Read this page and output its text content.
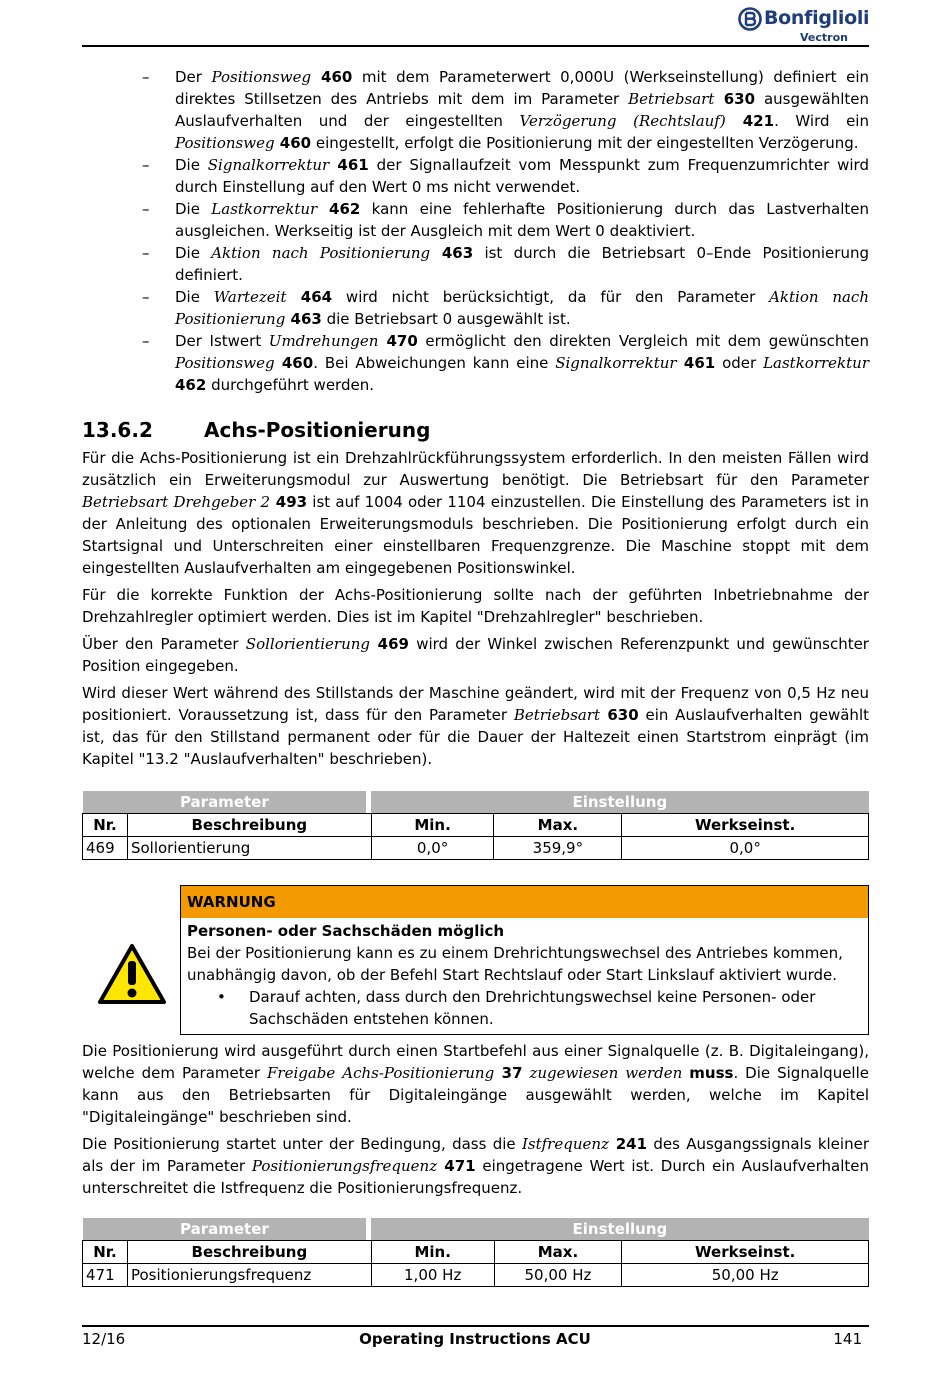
Bonfiglioli
Vectron
– Der Positionsweg 460 mit dem Parameterwert 0,000U (Werkseinstellung) definiert ein direktes Stillsetzen des Antriebs mit dem im Parameter Betriebsart 630 ausgewählten Auslaufverhalten und der eingestellten Verzögerung (Rechtslauf) 421. Wird ein Positionsweg 460 eingestellt, erfolgt die Positionierung mit der eingestellten Verzögerung.
– Die Signalkorrektur 461 der Signallaufzeit vom Messpunkt zum Frequenzumrichter wird durch Einstellung auf den Wert 0 ms nicht verwendet.
– Die Lastkorrektur 462 kann eine fehlerhafte Positionierung durch das Lastverhalten ausgleichen. Werkseitig ist der Ausgleich mit dem Wert 0 deaktiviert.
– Die Aktion nach Positionierung 463 ist durch die Betriebsart 0–Ende Positionierung definiert.
– Die Wartezeit 464 wird nicht berücksichtigt, da für den Parameter Aktion nach Positionierung 463 die Betriebsart 0 ausgewählt ist.
– Der Istwert Umdrehungen 470 ermöglicht den direkten Vergleich mit dem gewünschten Positionsweg 460. Bei Abweichungen kann eine Signalkorrektur 461 oder Lastkorrektur 462 durchgeführt werden.
13.6.2	Achs-Positionierung

Für die Achs-Positionierung ist ein Drehzahlrückführungssystem erforderlich. In den meisten Fällen wird zusätzlich ein Erweiterungsmodul zur Auswertung benötigt. Die Betriebsart für den Parameter Betriebsart Drehgeber 2 493 ist auf 1004 oder 1104 einzustellen. Die Einstellung des Parameters ist in der Anleitung des optionalen Erweiterungsmoduls beschrieben. Die Positionierung erfolgt durch ein Startsignal und Unterschreiten einer einstellbaren Frequenzgrenze. Die Maschine stoppt mit dem eingestellten Auslaufverhalten am eingegebenen Positionswinkel.

Für die korrekte Funktion der Achs-Positionierung sollte nach der geführten Inbetriebnahme der Drehzahlregler optimiert werden. Dies ist im Kapitel "Drehzahlregler" beschrieben.

Über den Parameter Sollorientierung 469 wird der Winkel zwischen Referenzpunkt und gewünschter Position eingegeben.

Wird dieser Wert während des Stillstands der Maschine geändert, wird mit der Frequenz von 0,5 Hz neu positioniert. Voraussetzung ist, dass für den Parameter Betriebsart 630 ein Auslaufverhalten gewählt ist, das für den Stillstand permanent oder für die Dauer der Haltezeit einen Startstrom einprägt (im Kapitel "13.2 "Auslaufverhalten" beschrieben).

Parameter			Einstellung		
Nr.	Beschreibung		Min.	Max.	Werkseinst.
469	Sollorientierung		0,0°	359,9°	0,0°
WARNUNG
Personen- oder Sachschäden möglich
Bei der Positionierung kann es zu einem Drehrichtungswechsel des Antriebes kommen, unabhängig davon, ob der Befehl Start Rechtslauf oder Start Linkslauf aktiviert wurde.
• Darauf achten, dass durch den Drehrichtungswechsel keine Personen- oder Sachschäden entstehen können.

Die Positionierung wird ausgeführt durch einen Startbefehl aus einer Signalquelle (z. B. Digitaleingang), welche dem Parameter Freigabe Achs-Positionierung 37 zugewiesen werden muss. Die Signalquelle kann aus den Betriebsarten für Digitaleingänge ausgewählt werden, welche im Kapitel "Digitaleingänge" beschrieben sind.

Die Positionierung startet unter der Bedingung, dass die Istfrequenz 241 des Ausgangssignals kleiner als der im Parameter Positionierungsfrequenz 471 eingetragene Wert ist. Durch ein Auslaufverhalten unterschreitet die Istfrequenz die Positionierungsfrequenz.

Parameter			Einstellung		
Nr.	Beschreibung		Min.	Max.	Werkseinst.
471	Positionierungsfrequenz		1,00 Hz	50,00 Hz	50,00 Hz
12/16	Operating Instructions ACU	141
